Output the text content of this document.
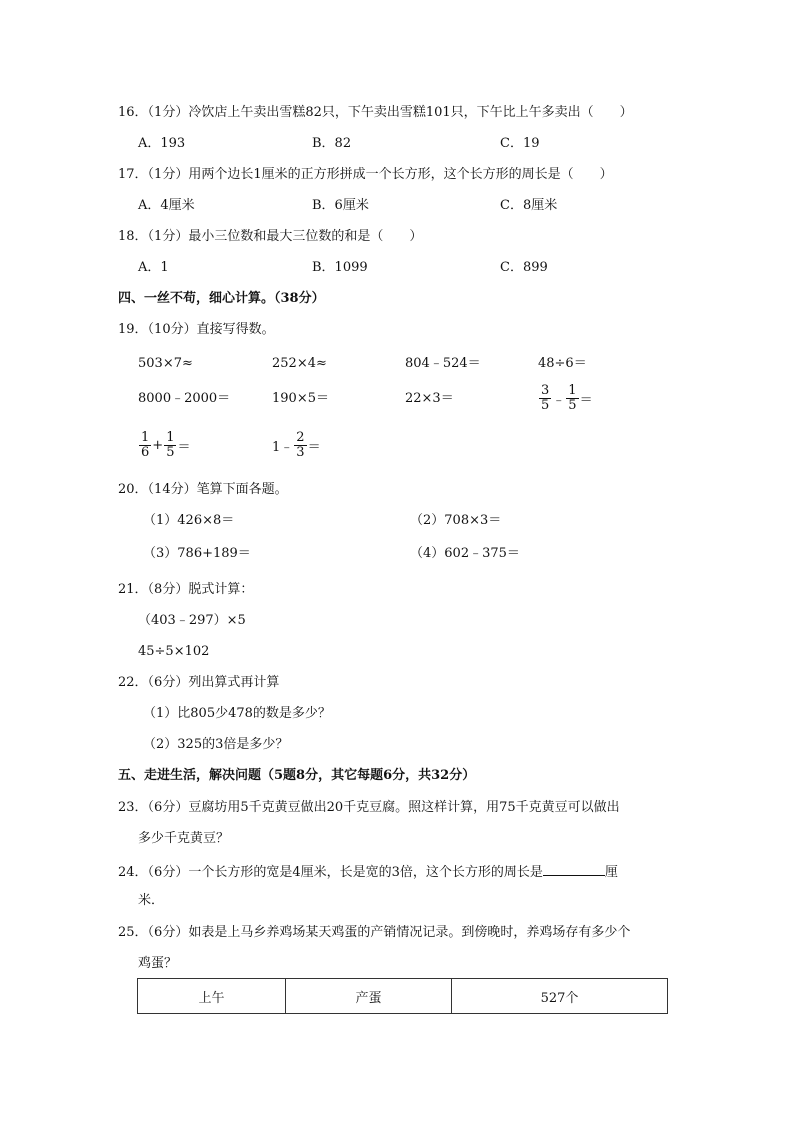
16．（1分）冷饮店上午卖出雪糕82只，下午卖出雪糕101只，下午比上午多卖出（　　）
A．193	B．82	C．19
17．（1分）用两个边长1厘米的正方形拼成一个长方形，这个长方形的周长是（　　）
A．4厘米	B．6厘米	C．8厘米
18．（1分）最小三位数和最大三位数的和是（　　）
A．1	B．1099	C．899
四、一丝不苟，细心计算。（38分）
19．（10分）直接写得数。
503×7≈	252×4≈	804﹣524＝	48÷6＝
8000﹣2000＝	190×5＝	22×3＝	$\frac{3}{5}$ ﹣ $\frac{1}{5}$ ＝
$\frac{1}{6} + \frac{1}{5}$ ＝	1﹣ $\frac{2}{3}$ ＝
20．（14分）笔算下面各题。
（1）426×8＝	（2）708×3＝
（3）786+189＝	（4）602﹣375＝
21．（8分）脱式计算：
（403﹣297）×5
45÷5×102
22．（6分）列出算式再计算
（1）比805少478的数是多少？
（2）325的3倍是多少？
五、走进生活，解决问题（5题8分，其它每题6分，共32分）
23．（6分）豆腐坊用5千克黄豆做出20千克豆腐。照这样计算，用75千克黄豆可以做出
多少千克黄豆？
24．（6分）一个长方形的宽是4厘米，长是宽的3倍，这个长方形的周长是	厘
米．
25．（6分）如表是上马乡养鸡场某天鸡蛋的产销情况记录。到傍晚时，养鸡场存有多少个
鸡蛋？
上午	产蛋	527个
